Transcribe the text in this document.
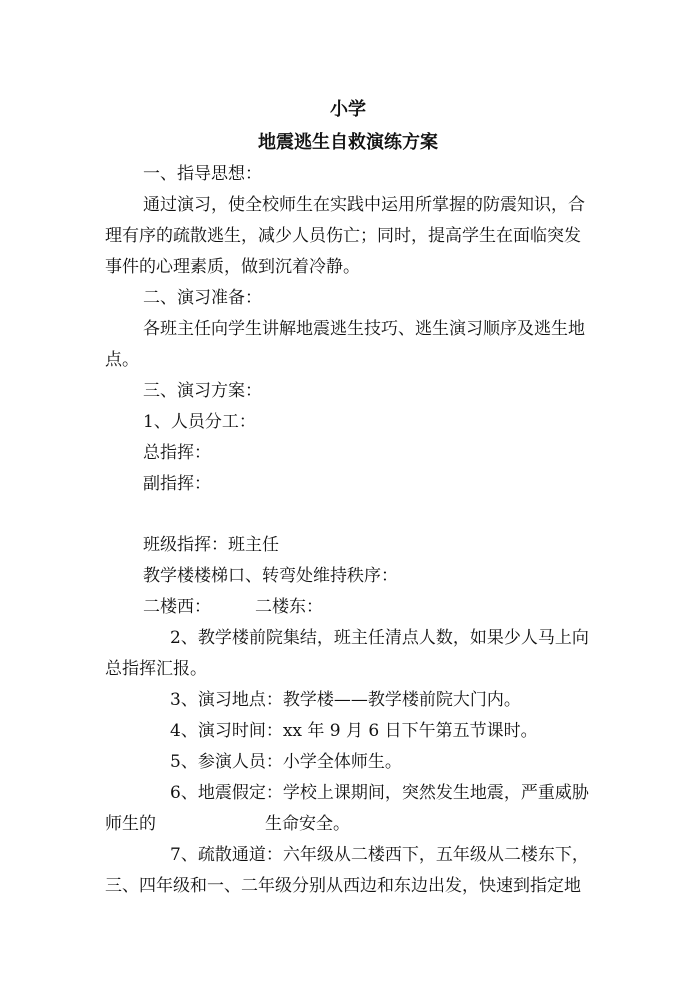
小学
地震逃生自救演练方案
一、指导思想：
通过演习，使全校师生在实践中运用所掌握的防震知识，合
理有序的疏散逃生，减少人员伤亡；同时，提高学生在面临突发
事件的心理素质，做到沉着冷静。
二、演习准备：
各班主任向学生讲解地震逃生技巧、逃生演习顺序及逃生地
点。
三、演习方案：
1、人员分工：
总指挥：
副指挥：
班级指挥：班主任
教学楼楼梯口、转弯处维持秩序：
二楼西：	二楼东：
2、教学楼前院集结，班主任清点人数，如果少人马上向
总指挥汇报。
3、演习地点：教学楼——教学楼前院大门内。
4、演习时间：xx 年 9 月 6 日下午第五节课时。
5、参演人员：小学全体师生。
6、地震假定：学校上课期间，突然发生地震，严重威胁
师生的	生命安全。
7、疏散通道：六年级从二楼西下，五年级从二楼东下，
三、四年级和一、二年级分别从西边和东边出发，快速到指定地
